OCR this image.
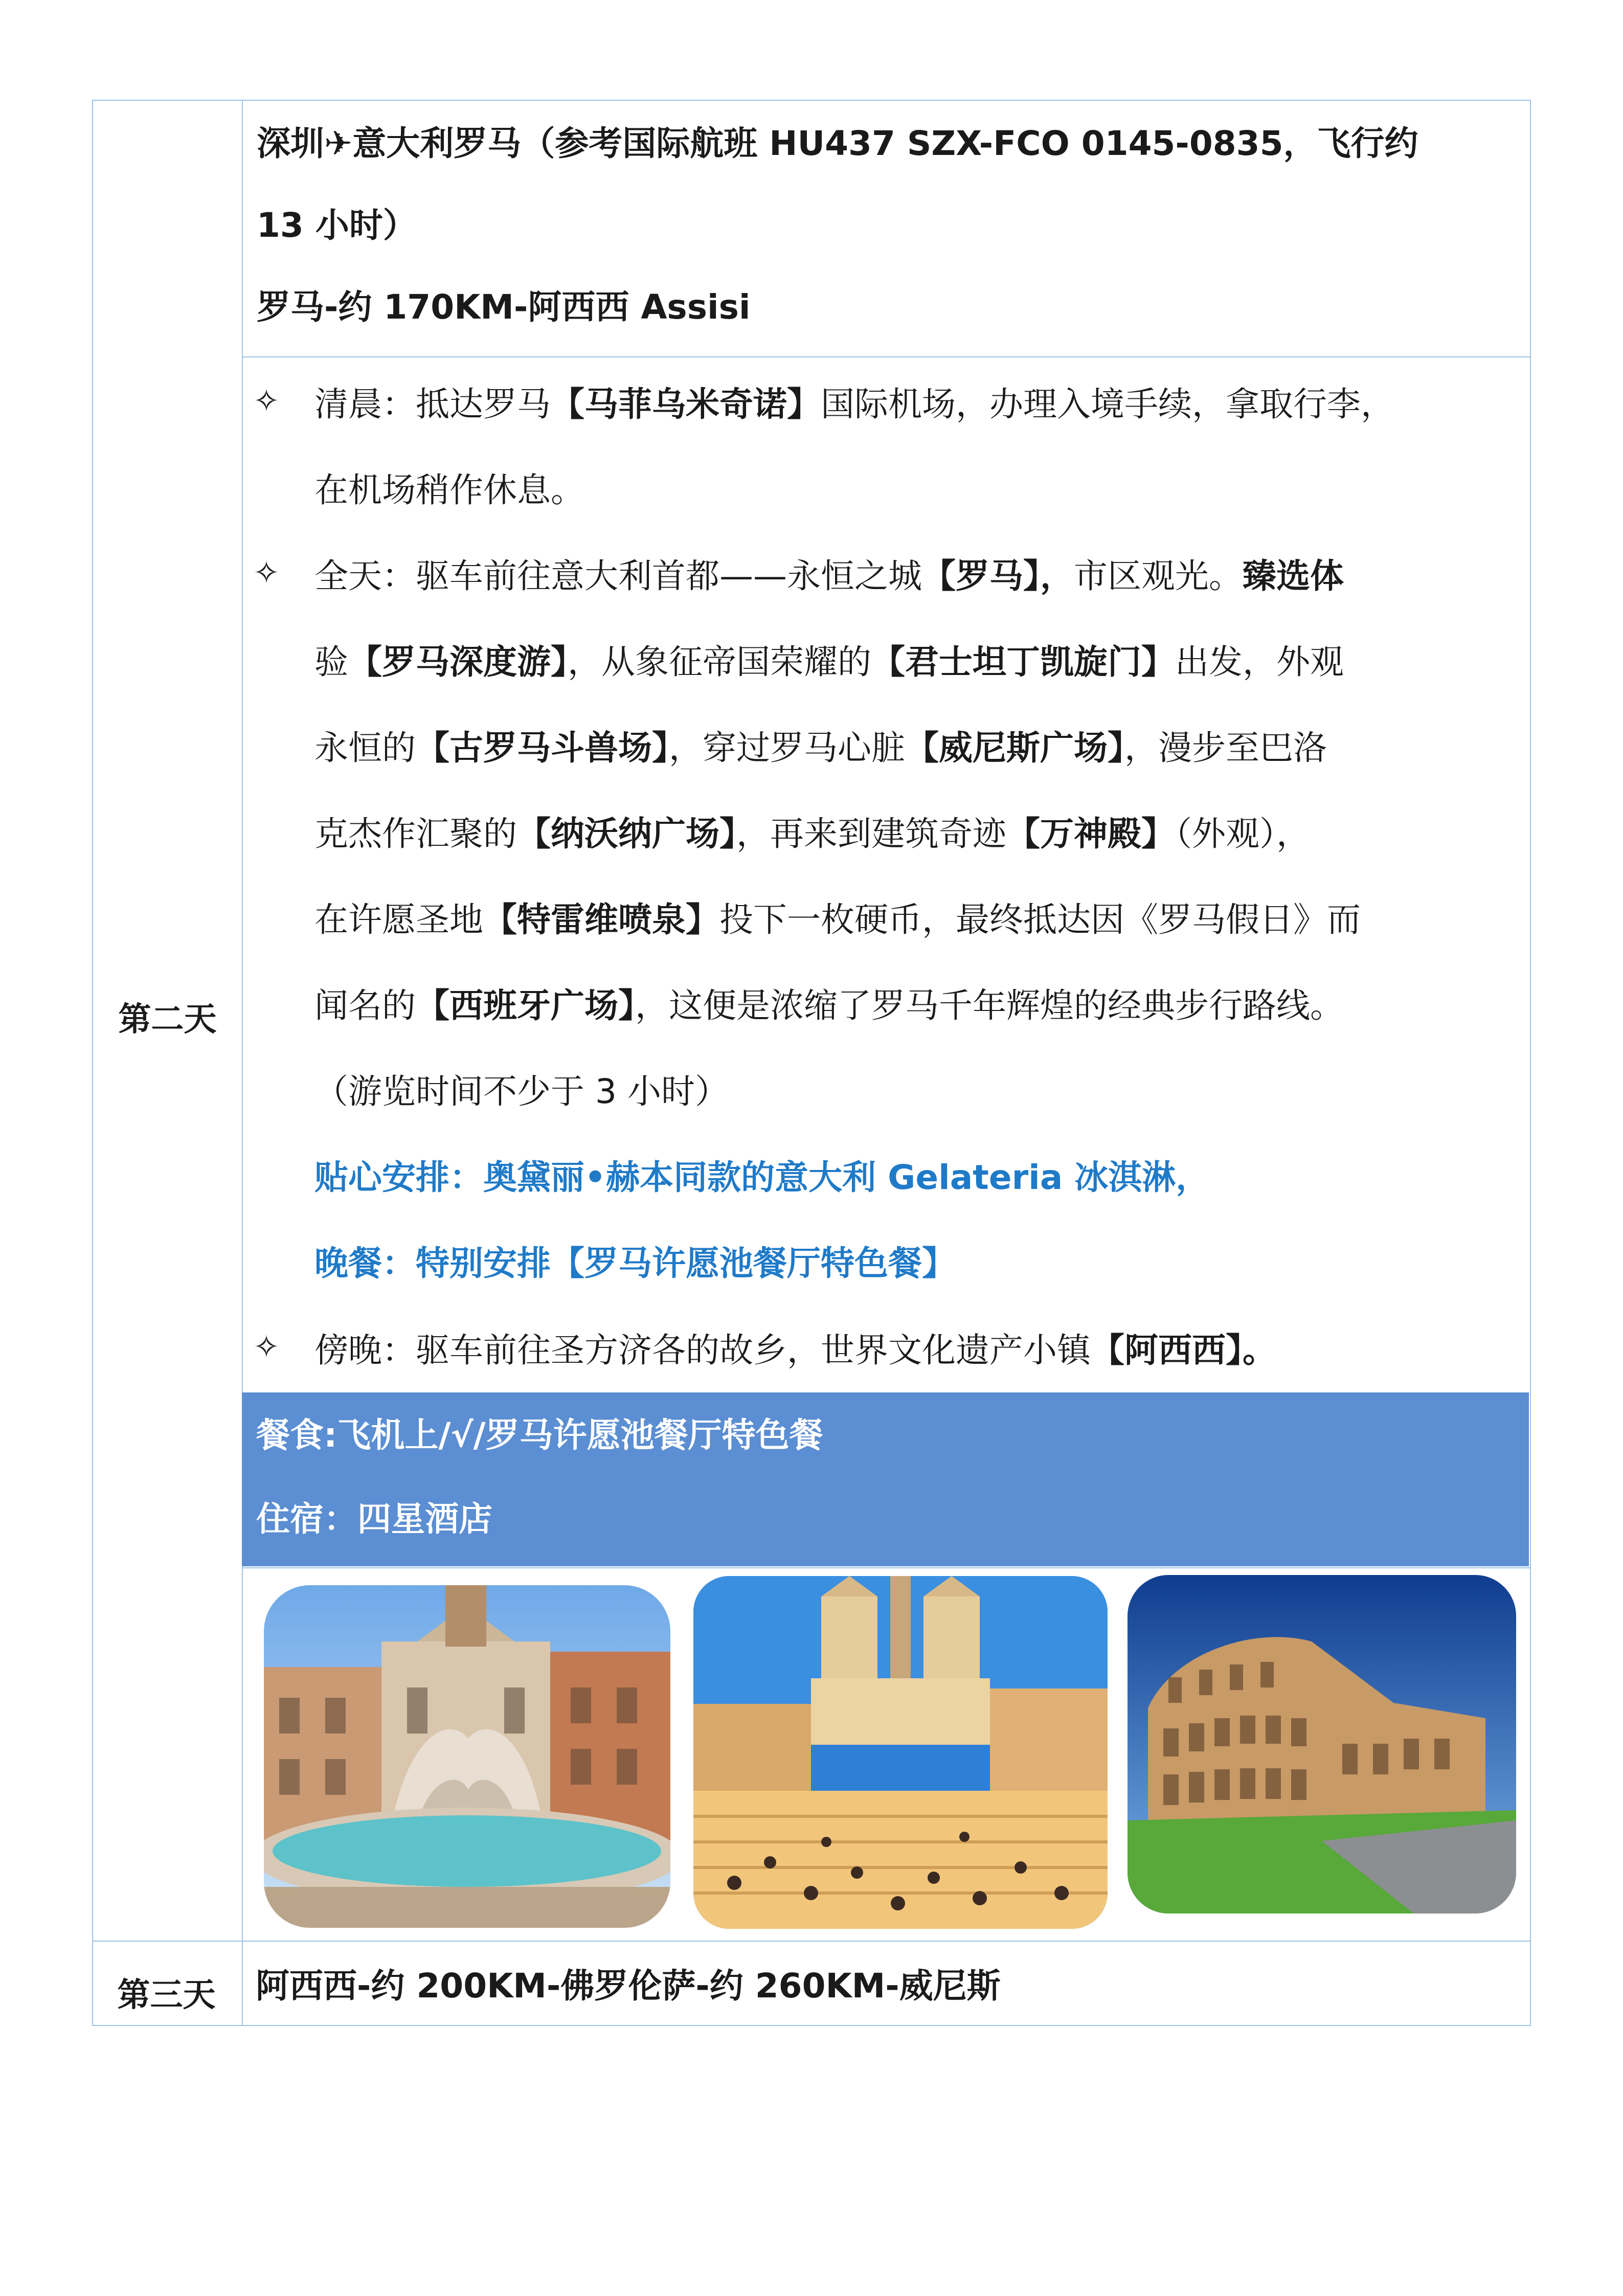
第二天

深圳✈意大利罗马（参考国际航班 HU437 SZX-FCO 0145-0835，飞行约

13 小时）

罗马-约 170KM-阿西西 Assisi

✧ 清晨：抵达罗马【马菲乌米奇诺】国际机场，办理入境手续，拿取行李，

在机场稍作休息。

✧ 全天：驱车前往意大利首都——永恒之城【罗马】，市区观光。臻选体

验【罗马深度游】，从象征帝国荣耀的【君士坦丁凯旋门】出发，外观

永恒的【古罗马斗兽场】，穿过罗马心脏【威尼斯广场】，漫步至巴洛

克杰作汇聚的【纳沃纳广场】，再来到建筑奇迹【万神殿】（外观），

在许愿圣地【特雷维喷泉】投下一枚硬币，最终抵达因《罗马假日》而

闻名的【西班牙广场】，这便是浓缩了罗马千年辉煌的经典步行路线。

（游览时间不少于 3 小时）

贴心安排：奥黛丽•赫本同款的意大利 Gelateria 冰淇淋，

晚餐：特别安排【罗马许愿池餐厅特色餐】

✧ 傍晚：驱车前往圣方济各的故乡，世界文化遗产小镇【阿西西】。

餐食:飞机上/√/罗马许愿池餐厅特色餐

住宿：四星酒店

第三天	阿西西-约 200KM-佛罗伦萨-约 260KM-威尼斯
